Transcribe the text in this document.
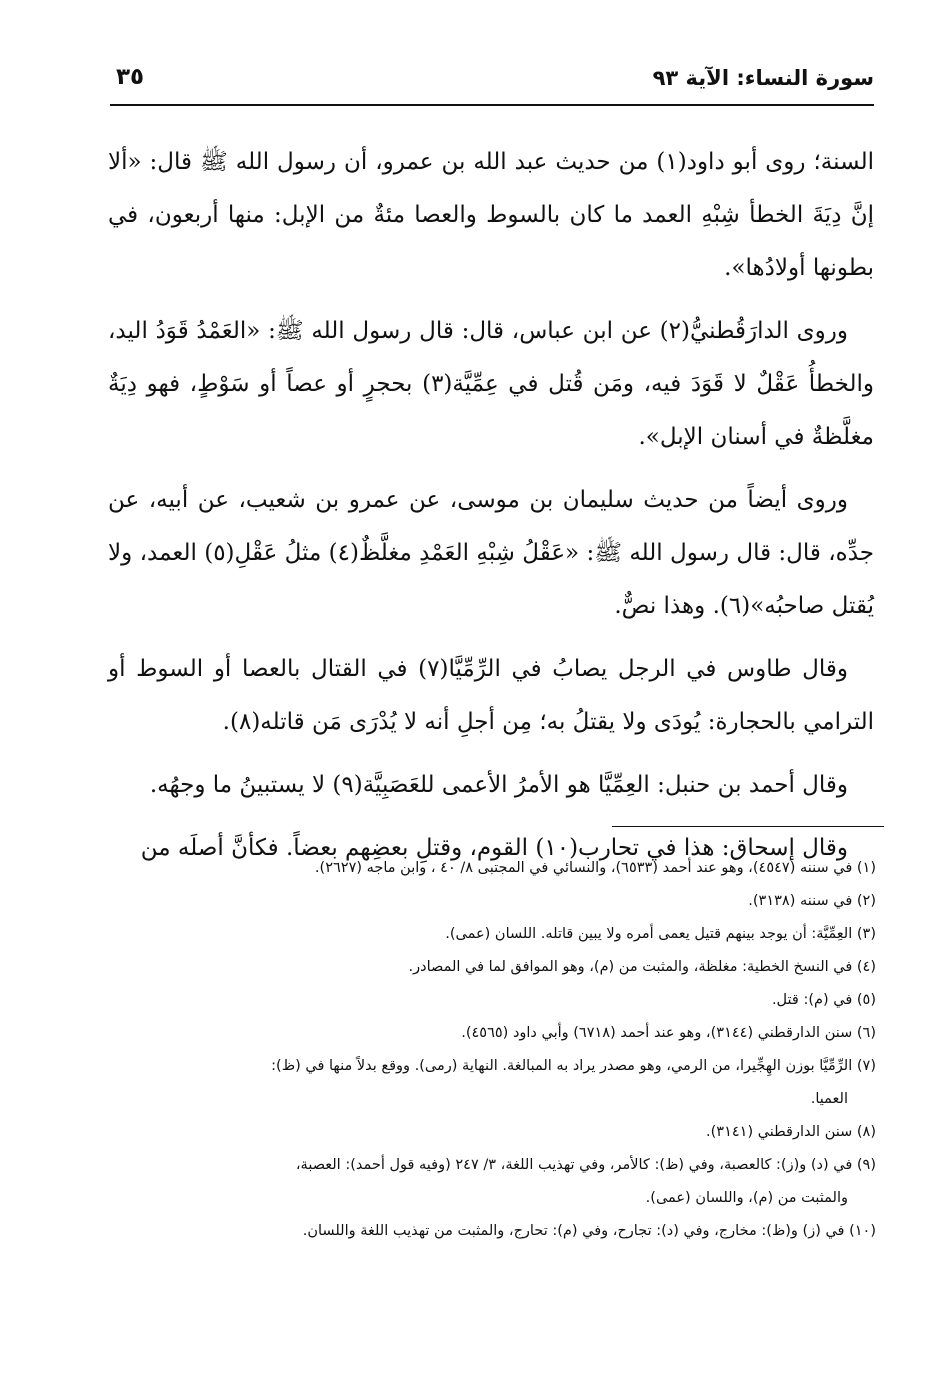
سورة النساء: الآية ٩٣
٣٥

السنة؛ روى أبو داود(١) من حديث عبد الله بن عمرو، أن رسول الله ﷺ قال: «ألا إنَّ دِيَةَ الخطأ شِبْهِ العمد ما كان بالسوط والعصا مئةٌ من الإبل: منها أربعون، في بطونها أولادُها».

وروى الدارَقُطنيُّ(٢) عن ابن عباس، قال: قال رسول الله ﷺ: «العَمْدُ قَوَدُ اليد، والخطأُ عَقْلٌ لا قَوَدَ فيه، ومَن قُتل في عِمِّيَّة(٣) بحجرٍ أو عصاً أو سَوْطٍ، فهو دِيَةٌ مغلَّظةٌ في أسنان الإبل».

وروى أيضاً من حديث سليمان بن موسى، عن عمرو بن شعيب، عن أبيه، عن جدِّه، قال: قال رسول الله ﷺ: «عَقْلُ شِبْهِ العَمْدِ مغلَّظٌ(٤) مثلُ عَقْلِ(٥) العمد، ولا يُقتل صاحبُه»(٦). وهذا نصٌّ.

وقال طاوس في الرجل يصابُ في الرِّمِّيَّا(٧) في القتال بالعصا أو السوط أو الترامي بالحجارة: يُودَى ولا يقتلُ به؛ مِن أجلِ أنه لا يُدْرَى مَن قاتله(٨).

وقال أحمد بن حنبل: العِمِّيَّا هو الأمرُ الأعمى للعَصَبِيَّة(٩) لا يستبينُ ما وجهُه.

وقال إسحاق: هذا في تحارب(١٠) القوم، وقتلِ بعضِهم بعضاً. فكأنَّ أصلَه من

(١) في سننه (٤٥٤٧)، وهو عند أحمد (٦٥٣٣)، والنسائي في المجتبى ٨/ ٤٠ ، وابن ماجه (٢٦٢٧).

(٢) في سننه (٣١٣٨).

(٣) العِمِّيَّة: أن يوجد بينهم قتيل يعمى أمره ولا يبين قاتله. اللسان (عمى).

(٤) في النسخ الخطية: مغلظة، والمثبت من (م)، وهو الموافق لما في المصادر.

(٥) في (م): قتل.

(٦) سنن الدارقطني (٣١٤٤)، وهو عند أحمد (٦٧١٨) وأبي داود (٤٥٦٥).

(٧) الرِّمِّيَّا بوزن الهِجِّيرا، من الرمي، وهو مصدر يراد به المبالغة. النهاية (رمى). ووقع بدلاً منها في (ظ):

العميا.

(٨) سنن الدارقطني (٣١٤١).

(٩) في (د) و(ز): كالعصبة، وفي (ظ): كالأمر، وفي تهذيب اللغة، ٣/ ٢٤٧ (وفيه قول أحمد): العصبة،

والمثبت من (م)، واللسان (عمى).

(١٠) في (ز) و(ظ): مخارج، وفي (د): تجارح، وفي (م): تحارج، والمثبت من تهذيب اللغة واللسان.
